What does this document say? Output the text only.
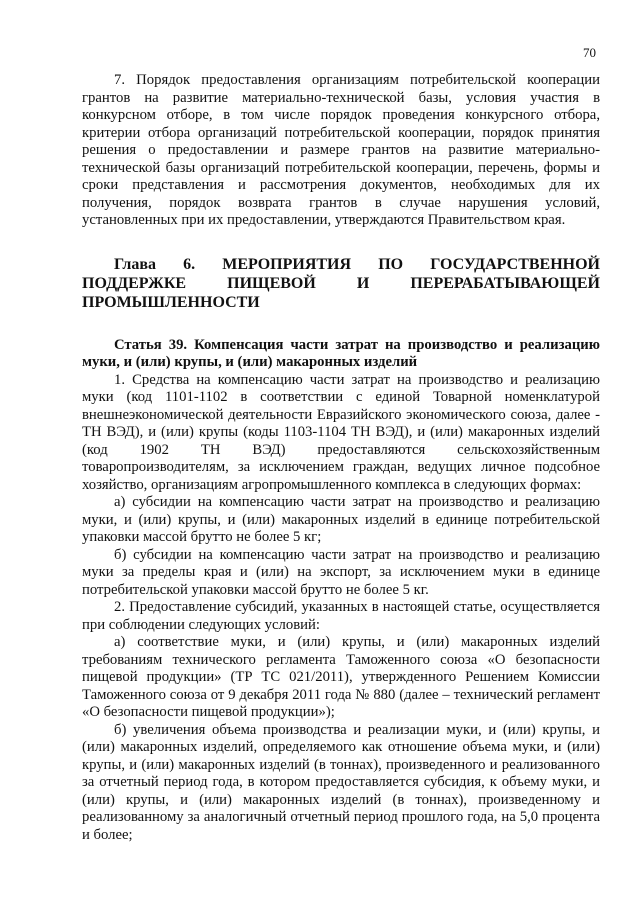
70

7. Порядок предоставления организациям потребительской кооперации грантов на развитие материально-технической базы, условия участия в конкурсном отборе, в том числе порядок проведения конкурсного отбора, критерии отбора организаций потребительской кооперации, порядок принятия решения о предоставлении и размере грантов на развитие материально-технической базы организаций потребительской кооперации, перечень, формы и сроки представления и рассмотрения документов, необходимых для их получения, порядок возврата грантов в случае нарушения условий, установленных при их предоставлении, утверждаются Правительством края.

Глава 6. МЕРОПРИЯТИЯ ПО ГОСУДАРСТВЕННОЙ ПОДДЕРЖКЕ ПИЩЕВОЙ И ПЕРЕРАБАТЫВАЮЩЕЙ ПРОМЫШЛЕННОСТИ
Статья 39. Компенсация части затрат на производство и реализацию муки, и (или) крупы, и (или) макаронных изделий

1. Средства на компенсацию части затрат на производство и реализацию муки (код 1101-1102 в соответствии с единой Товарной номенклатурой внешнеэкономической деятельности Евразийского экономического союза, далее - ТН ВЭД), и (или) крупы (коды 1103-1104 ТН ВЭД), и (или) макаронных изделий (код 1902 ТН ВЭД) предоставляются сельскохозяйственным товаропроизводителям, за исключением граждан, ведущих личное подсобное хозяйство, организациям агропромышленного комплекса в следующих формах:

а) субсидии на компенсацию части затрат на производство и реализацию муки, и (или) крупы, и (или) макаронных изделий в единице потребительской упаковки массой брутто не более 5 кг;

б) субсидии на компенсацию части затрат на производство и реализацию муки за пределы края и (или) на экспорт, за исключением муки в единице потребительской упаковки массой брутто не более 5 кг.

2. Предоставление субсидий, указанных в настоящей статье, осуществляется при соблюдении следующих условий:

а) соответствие муки, и (или) крупы, и (или) макаронных изделий требованиям технического регламента Таможенного союза «О безопасности пищевой продукции» (ТР ТС 021/2011), утвержденного Решением Комиссии Таможенного союза от 9 декабря 2011 года № 880 (далее – технический регламент «О безопасности пищевой продукции»);

б) увеличения объема производства и реализации муки, и (или) крупы, и (или) макаронных изделий, определяемого как отношение объема муки, и (или) крупы, и (или) макаронных изделий (в тоннах), произведенного и реализованного за отчетный период года, в котором предоставляется субсидия, к объему муки, и (или) крупы, и (или) макаронных изделий (в тоннах), произведенному и реализованному за аналогичный отчетный период прошлого года, на 5,0 процента и более;
